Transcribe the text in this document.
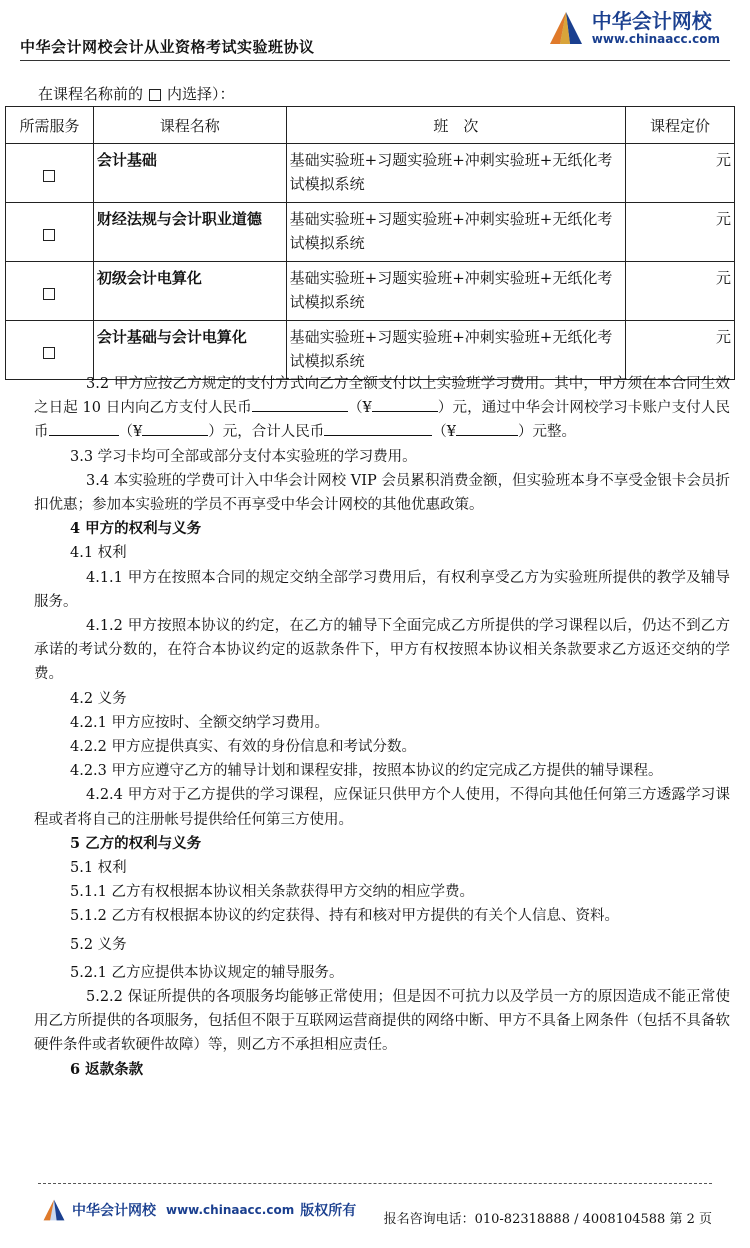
中华会计网校会计从业资格考试实验班协议
中华会计网校
www.chinaacc.com
在课程名称前的 内选择）：
所需服务	课程名称	班　次	课程定价
	会计基础	基础实验班+习题实验班+冲刺实验班+无纸化考试模拟系统	元
	财经法规与会计职业道德	基础实验班+习题实验班+冲刺实验班+无纸化考试模拟系统	元
	初级会计电算化	基础实验班+习题实验班+冲刺实验班+无纸化考试模拟系统	元
	会计基础与会计电算化	基础实验班+习题实验班+冲刺实验班+无纸化考试模拟系统	元

3.2 甲方应按乙方规定的支付方式向乙方全额支付以上实验班学习费用。其中，甲方须在本合同生效之日起 10 日内向乙方支付人民币	（¥	）元，通过中华会计网校学习卡账户支付人民币	（¥	）元，合计人民币	（¥	）元整。

3.3 学习卡均可全部或部分支付本实验班的学习费用。

3.4 本实验班的学费可计入中华会计网校 VIP 会员累积消费金额，但实验班本身不享受金银卡会员折扣优惠；参加本实验班的学员不再享受中华会计网校的其他优惠政策。

4 甲方的权利与义务

4.1 权利

4.1.1 甲方在按照本合同的规定交纳全部学习费用后，有权利享受乙方为实验班所提供的教学及辅导服务。

4.1.2 甲方按照本协议的约定，在乙方的辅导下全面完成乙方所提供的学习课程以后，仍达不到乙方承诺的考试分数的，在符合本协议约定的返款条件下，甲方有权按照本协议相关条款要求乙方返还交纳的学费。

4.2 义务

4.2.1 甲方应按时、全额交纳学习费用。

4.2.2 甲方应提供真实、有效的身份信息和考试分数。

4.2.3 甲方应遵守乙方的辅导计划和课程安排，按照本协议的约定完成乙方提供的辅导课程。

4.2.4 甲方对于乙方提供的学习课程，应保证只供甲方个人使用，不得向其他任何第三方透露学习课程或者将自己的注册帐号提供给任何第三方使用。

5 乙方的权利与义务

5.1 权利

5.1.1 乙方有权根据本协议相关条款获得甲方交纳的相应学费。

5.1.2 乙方有权根据本协议的约定获得、持有和核对甲方提供的有关个人信息、资料。

5.2 义务

5.2.1 乙方应提供本协议规定的辅导服务。

5.2.2 保证所提供的各项服务均能够正常使用；但是因不可抗力以及学员一方的原因造成不能正常使用乙方所提供的各项服务，包括但不限于互联网运营商提供的网络中断、甲方不具备上网条件（包括不具备软硬件条件或者软硬件故障）等，则乙方不承担相应责任。

6 返款条款

中华会计网校 www.chinaacc.com 版权所有
报名咨询电话：010-82318888 / 4008104588 第 2 页
